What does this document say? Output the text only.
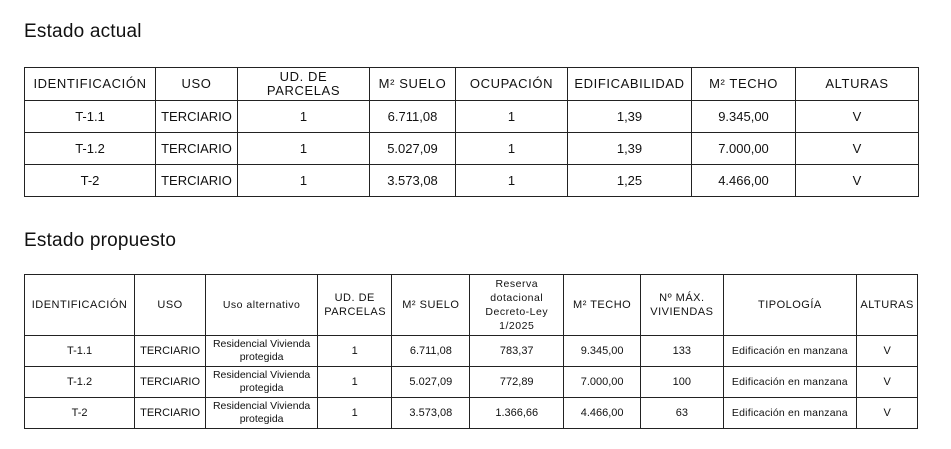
Estado actual
IDENTIFICACIÓN	USO	UD. DE PARCELAS	M² SUELO	OCUPACIÓN	EDIFICABILIDAD	M² TECHO	ALTURAS
T-1.1	TERCIARIO	1	6.711,08	1	1,39	9.345,00	V
T-1.2	TERCIARIO	1	5.027,09	1	1,39	7.000,00	V
T-2	TERCIARIO	1	3.573,08	1	1,25	4.466,00	V
Estado propuesto
IDENTIFICACIÓN	USO	Uso alternativo	UD. DE PARCELAS	M² SUELO	Reserva dotacional Decreto-Ley 1/2025	M² TECHO	Nº MÁX. VIVIENDAS	TIPOLOGÍA	ALTURAS
T-1.1	TERCIARIO	Residencial Vivienda protegida	1	6.711,08	783,37	9.345,00	133	Edificación en manzana	V
T-1.2	TERCIARIO	Residencial Vivienda protegida	1	5.027,09	772,89	7.000,00	100	Edificación en manzana	V
T-2	TERCIARIO	Residencial Vivienda protegida	1	3.573,08	1.366,66	4.466,00	63	Edificación en manzana	V
